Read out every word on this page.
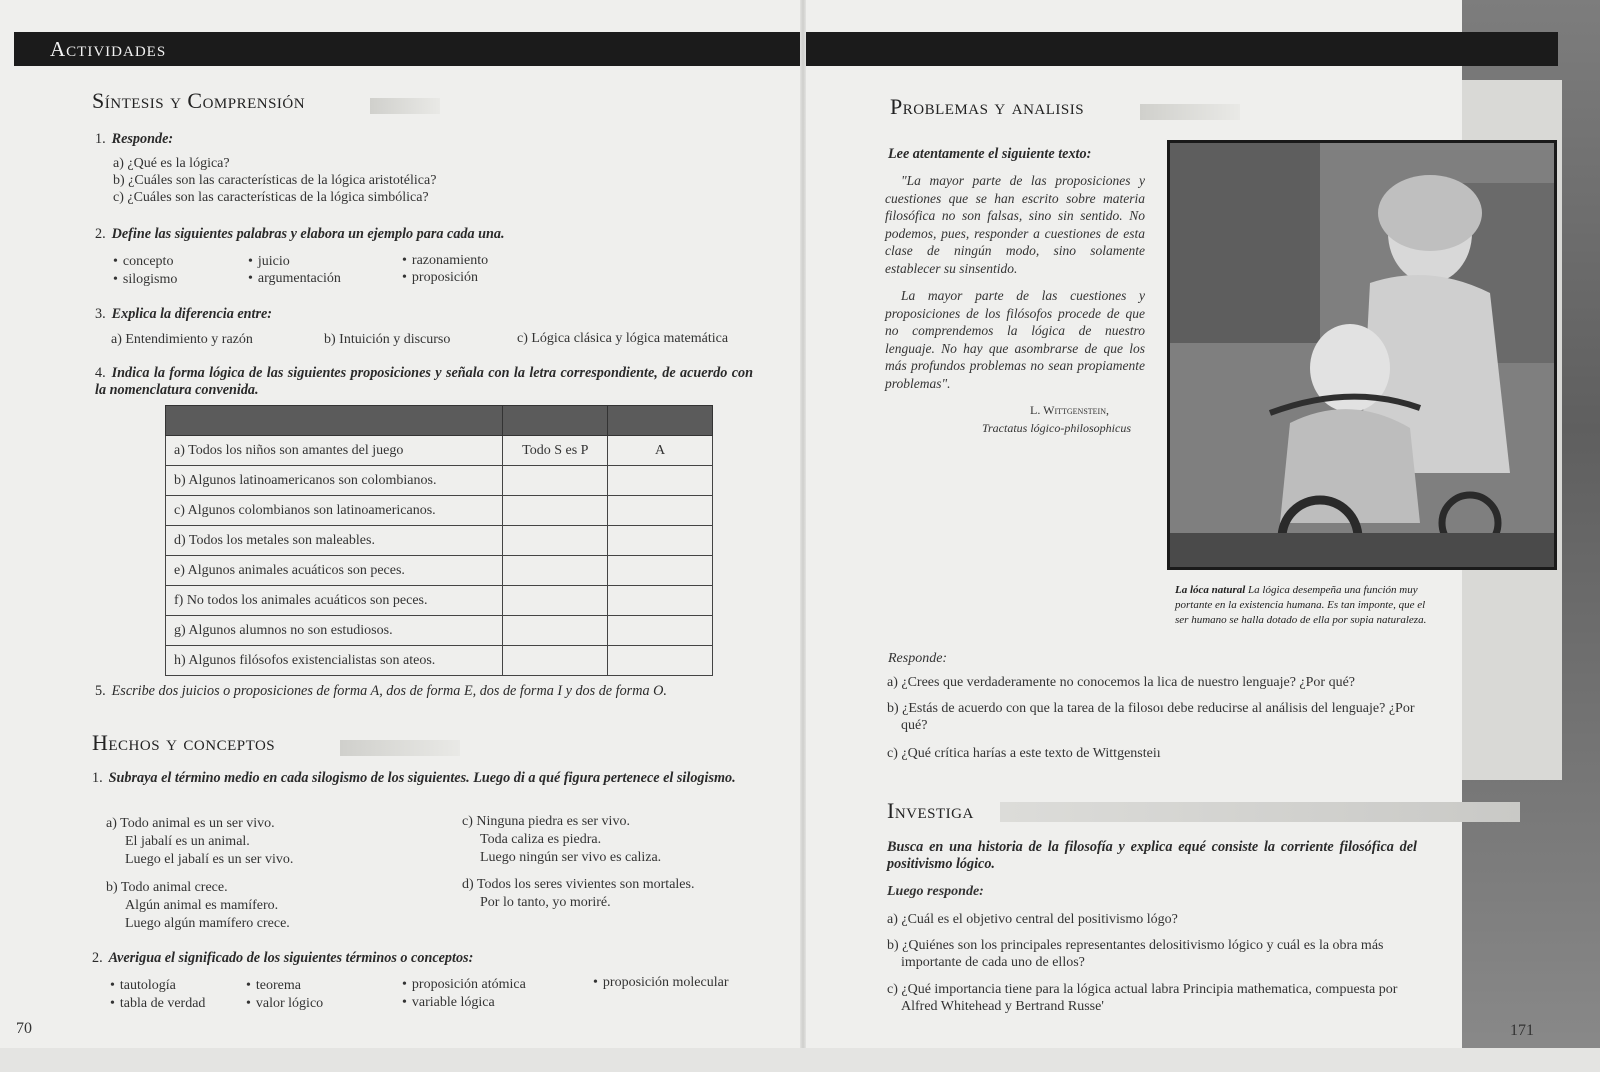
Actividades
Síntesis y Comprensión
1. Responde:
a) ¿Qué es la lógica?
b) ¿Cuáles son las características de la lógica aristotélica?
c) ¿Cuáles son las características de la lógica simbólica?
2. Define las siguientes palabras y elabora un ejemplo para cada una.
• concepto	• juicio	• razonamiento
• silogismo	• argumentación	• proposición
3. Explica la diferencia entre:
a) Entendimiento y razón	b) Intuición y discurso	c) Lógica clásica y lógica matemática
4. Indica la forma lógica de las siguientes proposiciones y señala con la letra correspondiente, de acuerdo con la nomenclatura convenida.

a) Todos los niños son amantes del juego	Todo S es P	A
b) Algunos latinoamericanos son colombianos.		
c) Algunos colombianos son latinoamericanos.		
d) Todos los metales son maleables.		
e) Algunos animales acuáticos son peces.		
f) No todos los animales acuáticos son peces.		
g) Algunos alumnos no son estudiosos.		
h) Algunos filósofos existencialistas son ateos.		
5. Escribe dos juicios o proposiciones de forma A, dos de forma E, dos de forma I y dos de forma O.
Hechos y conceptos
1. Subraya el término medio en cada silogismo de los siguientes. Luego di a qué figura pertenece el silogismo.
a) Todo animal es un ser vivo.
El jabalí es un animal.
Luego el jabalí es un ser vivo.
b) Todo animal crece.
Algún animal es mamífero.
Luego algún mamífero crece.
c) Ninguna piedra es ser vivo.
Toda caliza es piedra.
Luego ningún ser vivo es caliza.
d) Todos los seres vivientes son mortales.
Por lo tanto, yo moriré.
2. Averigua el significado de los siguientes términos o conceptos:
• tautología	• teorema	• proposición atómica	• proposición molecular
• tabla de verdad	• valor lógico	• variable lógica
70
Problemas y analisis
Lee atentamente el siguiente texto:
"La mayor parte de las proposiciones y cuestiones que se han escrito sobre materia filosófica no son falsas, sino sin sentido. No podemos, pues, responder a cuestiones de esta clase de ningún modo, sino solamente establecer su sinsentido.
La mayor parte de las cuestiones y proposiciones de los filósofos procede de que no comprendemos la lógica de nuestro lenguaje. No hay que asombrarse de que los más profundos problemas no sean propiamente problemas".
L. Wittgenstein,
Tractatus lógico-philosophicus
La lóca natural La lógica desempeña una función muy portante en la existencia humana. Es tan imponte, que el ser humano se halla dotado de ella por sυpia naturaleza.
Responde:
a) ¿Crees que verdaderamente no conocemos la lica de nuestro lenguaje? ¿Por qué?
b) ¿Estás de acuerdo con que la tarea de la filosoı debe reducirse al análisis del lenguaje? ¿Por qué?
c) ¿Qué crítica harías a este texto de Wittgensteiı
Investiga
Busca en una historia de la filosofía y explica equé consiste la corriente filosófica del positivismo lógico.
Luego responde:
a) ¿Cuál es el objetivo central del positivismo lógo?
b) ¿Quiénes son los principales representantes delositivismo lógico y cuál es la obra más importante de cada uno de ellos?
c) ¿Qué importancia tiene para la lógica actual labra Principia mathematica, compuesta por Alfred Whitehead y Bertrand Russe'
171
